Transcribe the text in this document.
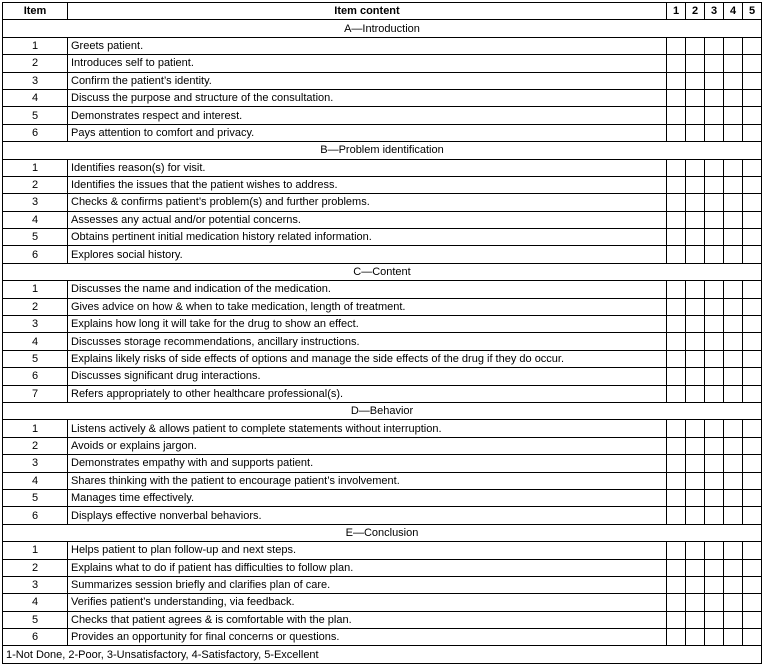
Item	Item content	1	2	3	4	5
A—Introduction						
1	Greets patient.					
2	Introduces self to patient.					
3	Confirm the patient’s identity.					
4	Discuss the purpose and structure of the consultation.					
5	Demonstrates respect and interest.					
6	Pays attention to comfort and privacy.					
B—Problem identification						
1	Identifies reason(s) for visit.					
2	Identifies the issues that the patient wishes to address.					
3	Checks & confirms patient’s problem(s) and further problems.					
4	Assesses any actual and/or potential concerns.					
5	Obtains pertinent initial medication history related information.					
6	Explores social history.					
C—Content						
1	Discusses the name and indication of the medication.					
2	Gives advice on how & when to take medication, length of treatment.					
3	Explains how long it will take for the drug to show an effect.					
4	Discusses storage recommendations, ancillary instructions.					
5	Explains likely risks of side effects of options and manage the side effects of the drug if they do occur.					
6	Discusses significant drug interactions.					
7	Refers appropriately to other healthcare professional(s).					
D—Behavior						
1	Listens actively & allows patient to complete statements without interruption.					
2	Avoids or explains jargon.					
3	Demonstrates empathy with and supports patient.					
4	Shares thinking with the patient to encourage patient’s involvement.					
5	Manages time effectively.					
6	Displays effective nonverbal behaviors.					
E—Conclusion						
1	Helps patient to plan follow-up and next steps.					
2	Explains what to do if patient has difficulties to follow plan.					
3	Summarizes session briefly and clarifies plan of care.					
4	Verifies patient’s understanding, via feedback.					
5	Checks that patient agrees & is comfortable with the plan.					
6	Provides an opportunity for final concerns or questions.					
1-Not Done, 2-Poor, 3-Unsatisfactory, 4-Satisfactory, 5-Excellent						
